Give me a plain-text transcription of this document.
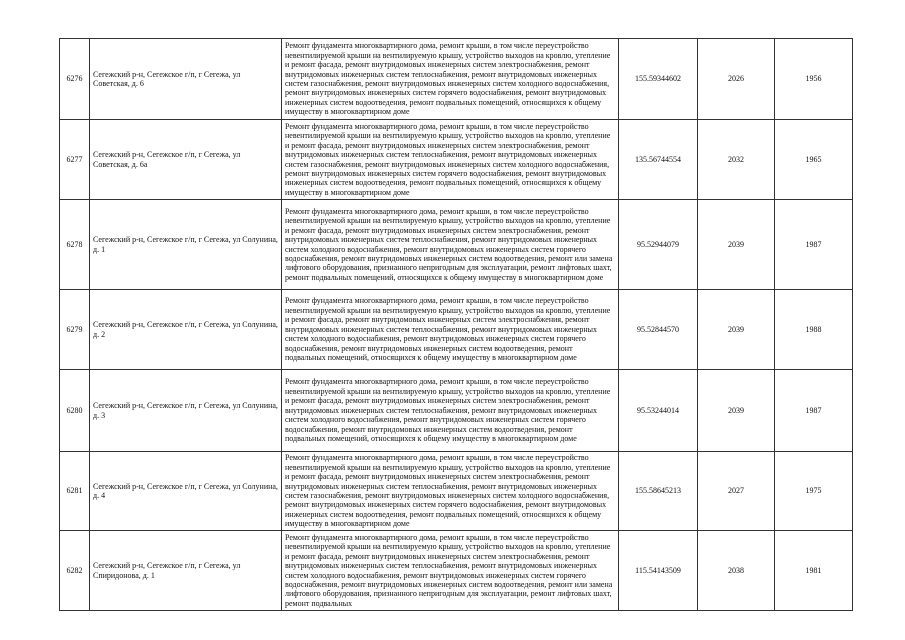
6276	Сегежский р-н, Сегежское г/п, г Сегежа, ул Советская, д. 6	Ремонт фундамента многоквартирного дома, ремонт крыши, в том числе переустройство невентилируемой крыши на вентилируемую крышу, устройство выходов на кровлю, утепление и ремонт фасада, ремонт внутридомовых инженерных систем электроснабжения, ремонт внутридомовых инженерных систем теплоснабжения, ремонт внутридомовых инженерных систем газоснабжения, ремонт внутридомовых инженерных систем холодного водоснабжения, ремонт внутридомовых инженерных систем горячего водоснабжения, ремонт внутридомовых инженерных систем водоотведения, ремонт подвальных помещений, относящихся к общему имуществу в многоквартирном доме	155.59344602	2026	1956
6277	Сегежский р-н, Сегежское г/п, г Сегежа, ул Советская, д. 6а	Ремонт фундамента многоквартирного дома, ремонт крыши, в том числе переустройство невентилируемой крыши на вентилируемую крышу, устройство выходов на кровлю, утепление и ремонт фасада, ремонт внутридомовых инженерных систем электроснабжения, ремонт внутридомовых инженерных систем теплоснабжения, ремонт внутридомовых инженерных систем газоснабжения, ремонт внутридомовых инженерных систем холодного водоснабжения, ремонт внутридомовых инженерных систем горячего водоснабжения, ремонт внутридомовых инженерных систем водоотведения, ремонт подвальных помещений, относящихся к общему имуществу в многоквартирном доме	135.56744554	2032	1965
6278	Сегежский р-н, Сегежское г/п, г Сегежа, ул Солунина, д. 1	Ремонт фундамента многоквартирного дома, ремонт крыши, в том числе переустройство невентилируемой крыши на вентилируемую крышу, устройство выходов на кровлю, утепление и ремонт фасада, ремонт внутридомовых инженерных систем электроснабжения, ремонт внутридомовых инженерных систем теплоснабжения, ремонт внутридомовых инженерных систем холодного водоснабжения, ремонт внутридомовых инженерных систем горячего водоснабжения, ремонт внутридомовых инженерных систем водоотведения, ремонт или замена лифтового оборудования, признанного непригодным для эксплуатации, ремонт лифтовых шахт, ремонт подвальных помещений, относящихся к общему имуществу в многоквартирном доме	95.52944079	2039	1987
6279	Сегежский р-н, Сегежское г/п, г Сегежа, ул Солунина, д. 2	Ремонт фундамента многоквартирного дома, ремонт крыши, в том числе переустройство невентилируемой крыши на вентилируемую крышу, устройство выходов на кровлю, утепление и ремонт фасада, ремонт внутридомовых инженерных систем электроснабжения, ремонт внутридомовых инженерных систем теплоснабжения, ремонт внутридомовых инженерных систем холодного водоснабжения, ремонт внутридомовых инженерных систем горячего водоснабжения, ремонт внутридомовых инженерных систем водоотведения, ремонт подвальных помещений, относящихся к общему имуществу в многоквартирном доме	95.52844570	2039	1988
6280	Сегежский р-н, Сегежское г/п, г Сегежа, ул Солунина, д. 3	Ремонт фундамента многоквартирного дома, ремонт крыши, в том числе переустройство невентилируемой крыши на вентилируемую крышу, устройство выходов на кровлю, утепление и ремонт фасада, ремонт внутридомовых инженерных систем электроснабжения, ремонт внутридомовых инженерных систем теплоснабжения, ремонт внутридомовых инженерных систем холодного водоснабжения, ремонт внутридомовых инженерных систем горячего водоснабжения, ремонт внутридомовых инженерных систем водоотведения, ремонт подвальных помещений, относящихся к общему имуществу в многоквартирном доме	95.53244014	2039	1987
6281	Сегежский р-н, Сегежское г/п, г Сегежа, ул Солунина, д. 4	Ремонт фундамента многоквартирного дома, ремонт крыши, в том числе переустройство невентилируемой крыши на вентилируемую крышу, устройство выходов на кровлю, утепление и ремонт фасада, ремонт внутридомовых инженерных систем электроснабжения, ремонт внутридомовых инженерных систем теплоснабжения, ремонт внутридомовых инженерных систем газоснабжения, ремонт внутридомовых инженерных систем холодного водоснабжения, ремонт внутридомовых инженерных систем горячего водоснабжения, ремонт внутридомовых инженерных систем водоотведения, ремонт подвальных помещений, относящихся к общему имуществу в многоквартирном доме	155.58645213	2027	1975
6282	Сегежский р-н, Сегежское г/п, г Сегежа, ул Спиридонова, д. 1	Ремонт фундамента многоквартирного дома, ремонт крыши, в том числе переустройство невентилируемой крыши на вентилируемую крышу, устройство выходов на кровлю, утепление и ремонт фасада, ремонт внутридомовых инженерных систем электроснабжения, ремонт внутридомовых инженерных систем теплоснабжения, ремонт внутридомовых инженерных систем холодного водоснабжения, ремонт внутридомовых инженерных систем горячего водоснабжения, ремонт внутридомовых инженерных систем водоотведения, ремонт или замена лифтового оборудования, признанного непригодным для эксплуатации, ремонт лифтовых шахт, ремонт подвальных	115.54143509	2038	1981
